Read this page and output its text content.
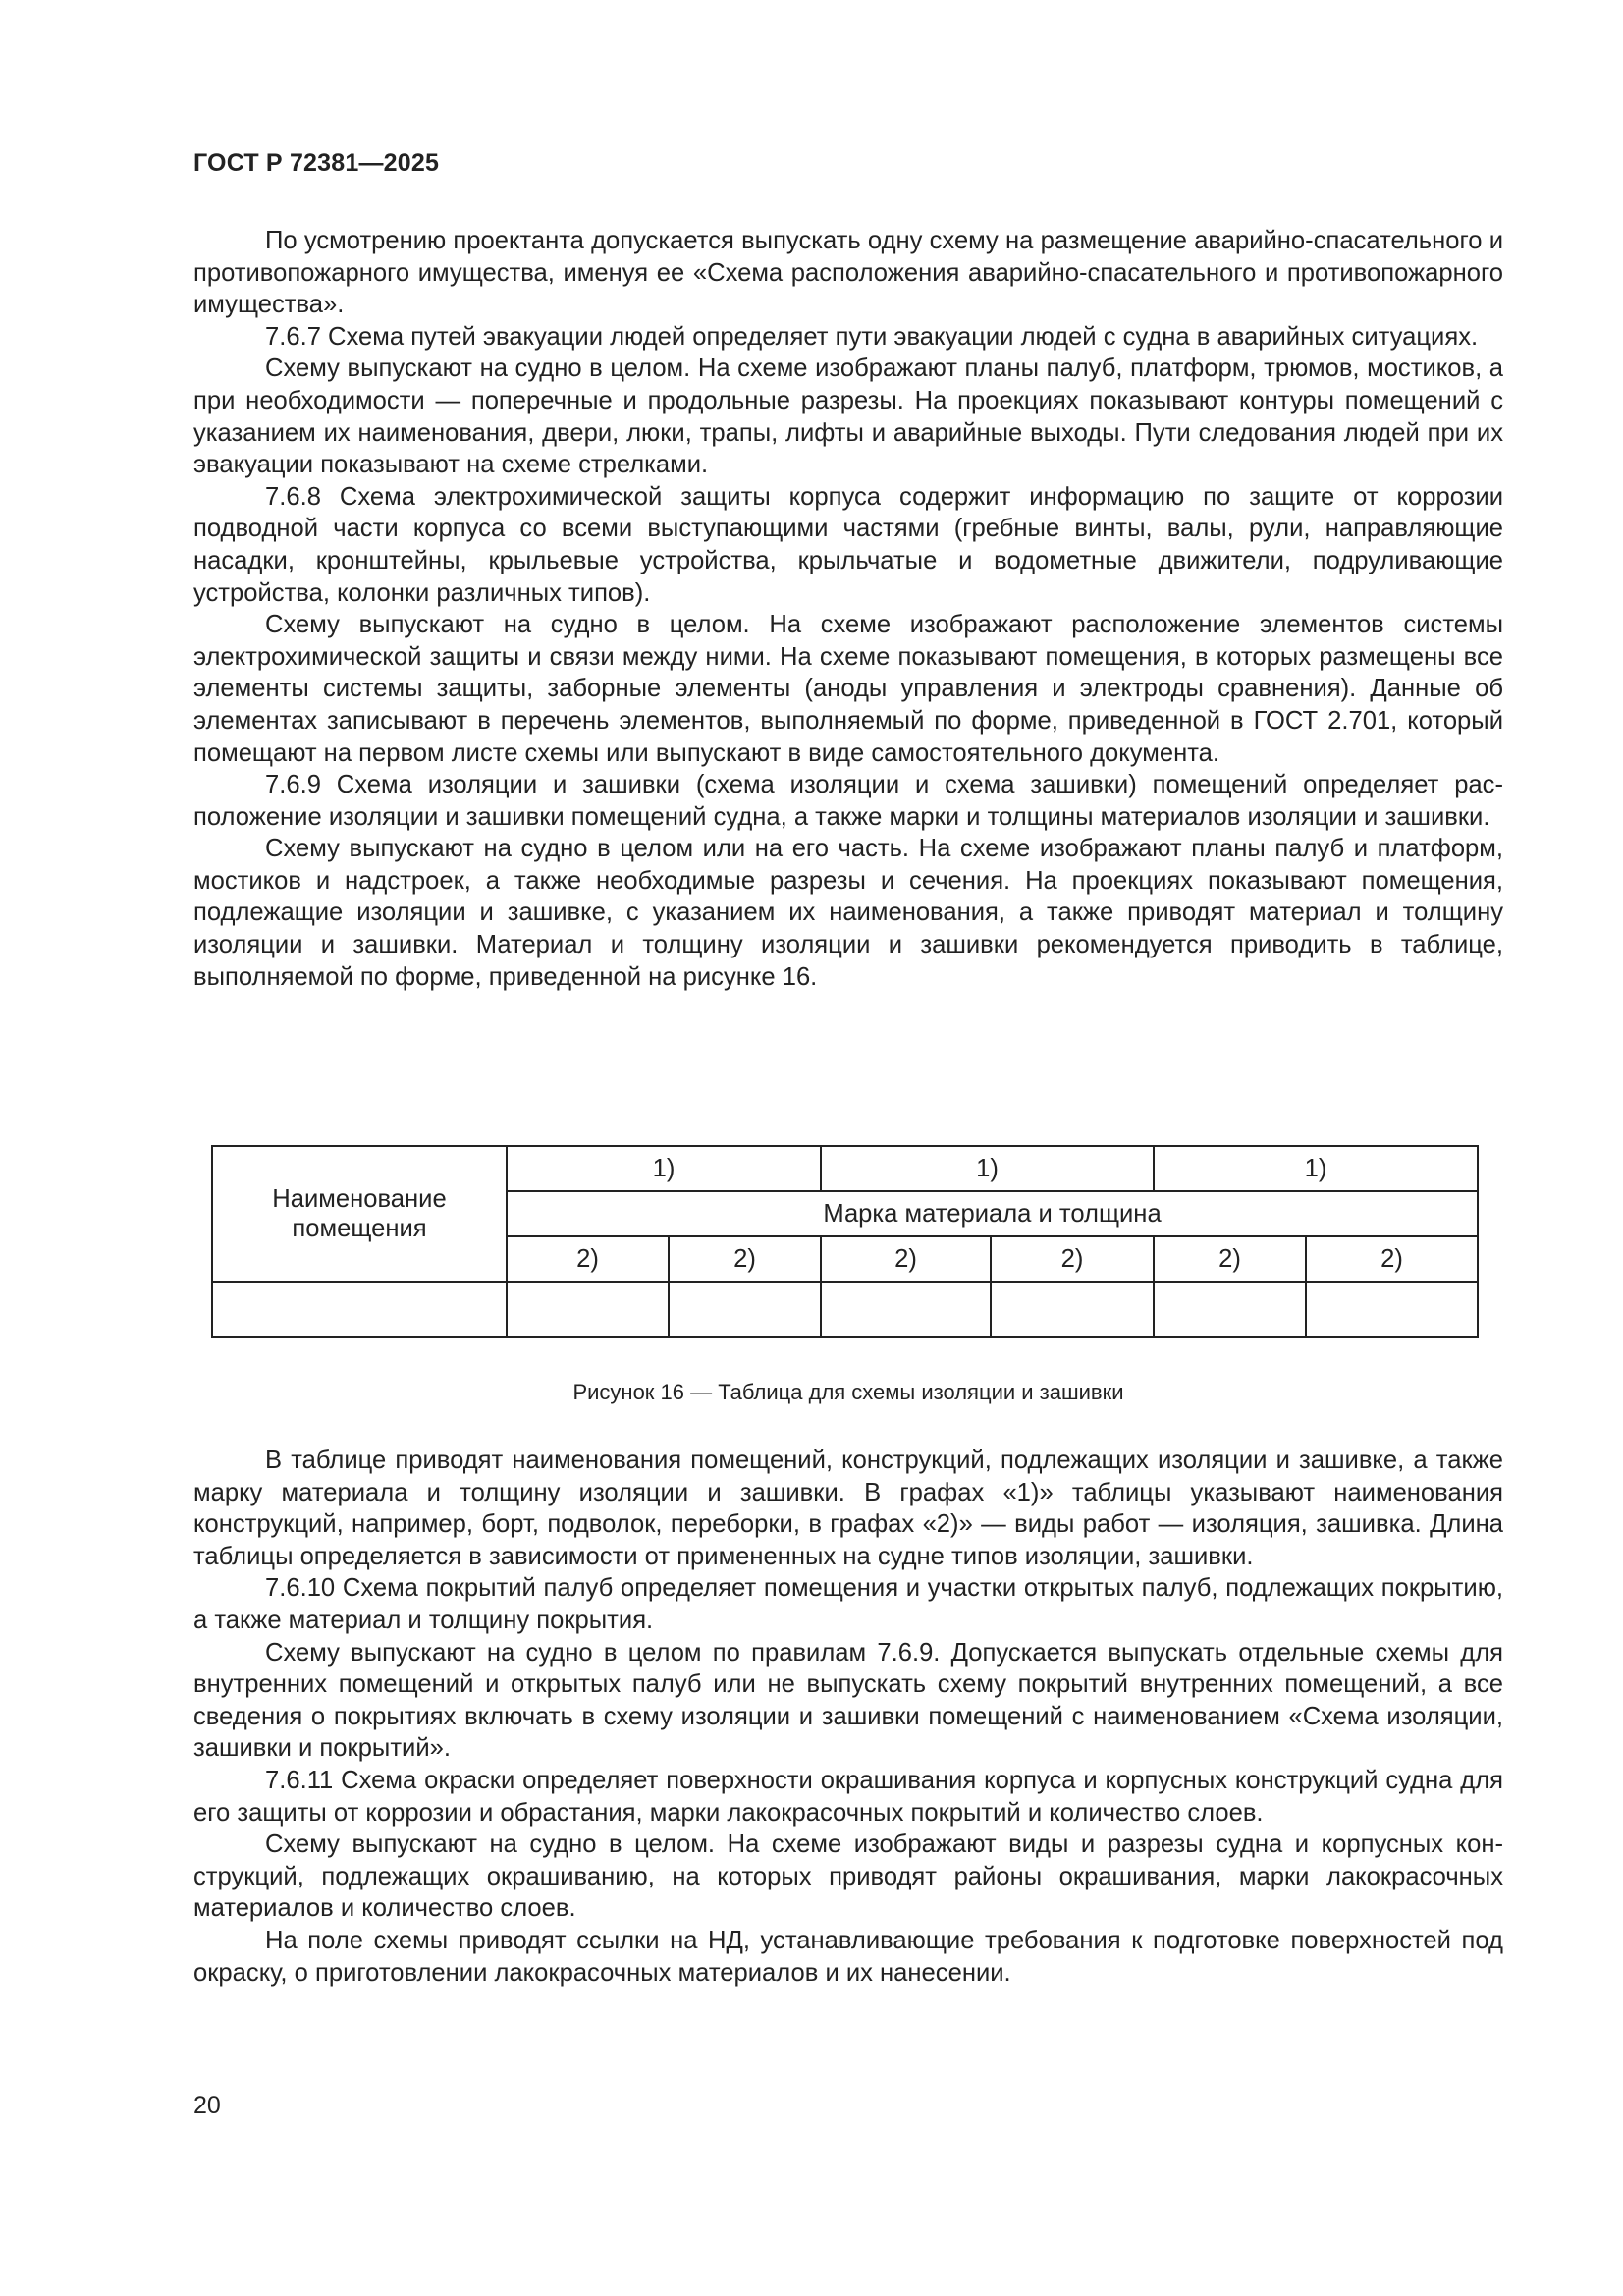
ГОСТ Р 72381—2025

По усмотрению проектанта допускается выпускать одну схему на размещение аварийно-спасательного и противопожарного имущества, именуя ее «Схема расположения аварийно-спасательного и противопожарного имущества».

7.6.7 Схема путей эвакуации людей определяет пути эвакуации людей с судна в аварийных ситуациях.

Схему выпускают на судно в целом. На схеме изображают планы палуб, платформ, трюмов, мостиков, а при необходимости — поперечные и продольные разрезы. На проекциях показывают контуры помещений с указанием их наименования, двери, люки, трапы, лифты и аварийные выходы. Пути следования людей при их эвакуации показывают на схеме стрелками.

7.6.8 Схема электрохимической защиты корпуса содержит информацию по защите от коррозии подводной части корпуса со всеми выступающими частями (гребные винты, валы, рули, направляющие насадки, кронштейны, крыльевые устройства, крыльчатые и водометные движители, подруливающие устройства, колонки различных типов).

Схему выпускают на судно в целом. На схеме изображают расположение элементов системы электрохимической защиты и связи между ними. На схеме показывают помещения, в которых размещены все элементы системы защиты, заборные элементы (аноды управления и электроды сравнения). Данные об элементах записывают в перечень элементов, выполняемый по форме, приведенной в ГОСТ 2.701, который помещают на первом листе схемы или выпускают в виде самостоятельного документа.

7.6.9 Схема изоляции и зашивки (схема изоляции и схема зашивки) помещений определяет расположение изоляции и зашивки помещений судна, а также марки и толщины материалов изоляции и зашивки.

Схему выпускают на судно в целом или на его часть. На схеме изображают планы палуб и платформ, мостиков и надстроек, а также необходимые разрезы и сечения. На проекциях показывают помещения, подлежащие изоляции и зашивке, с указанием их наименования, а также приводят материал и толщину изоляции и зашивки. Материал и толщину изоляции и зашивки рекомендуется приводить в таблице, выполняемой по форме, приведенной на рисунке 16.

Наименование помещения	1)		1)		1)	
	Марка материала и толщина					
	2)	2)	2)	2)	2)	2)

Рисунок 16 — Таблица для схемы изоляции и зашивки

В таблице приводят наименования помещений, конструкций, подлежащих изоляции и зашивке, а также марку материала и толщину изоляции и зашивки. В графах «1)» таблицы указывают наименования конструкций, например, борт, подволок, переборки, в графах «2)» — виды работ — изоляция, зашивка. Длина таблицы определяется в зависимости от примененных на судне типов изоляции, зашивки.

7.6.10 Схема покрытий палуб определяет помещения и участки открытых палуб, подлежащих покрытию, а также материал и толщину покрытия.

Схему выпускают на судно в целом по правилам 7.6.9. Допускается выпускать отдельные схемы для внутренних помещений и открытых палуб или не выпускать схему покрытий внутренних помещений, а все сведения о покрытиях включать в схему изоляции и зашивки помещений с наименованием «Схема изоляции, зашивки и покрытий».

7.6.11 Схема окраски определяет поверхности окрашивания корпуса и корпусных конструкций судна для его защиты от коррозии и обрастания, марки лакокрасочных покрытий и количество слоев.

Схему выпускают на судно в целом. На схеме изображают виды и разрезы судна и корпусных конструкций, подлежащих окрашиванию, на которых приводят районы окрашивания, марки лакокрасочных материалов и количество слоев.

На поле схемы приводят ссылки на НД, устанавливающие требования к подготовке поверхностей под окраску, о приготовлении лакокрасочных материалов и их нанесении.

20
